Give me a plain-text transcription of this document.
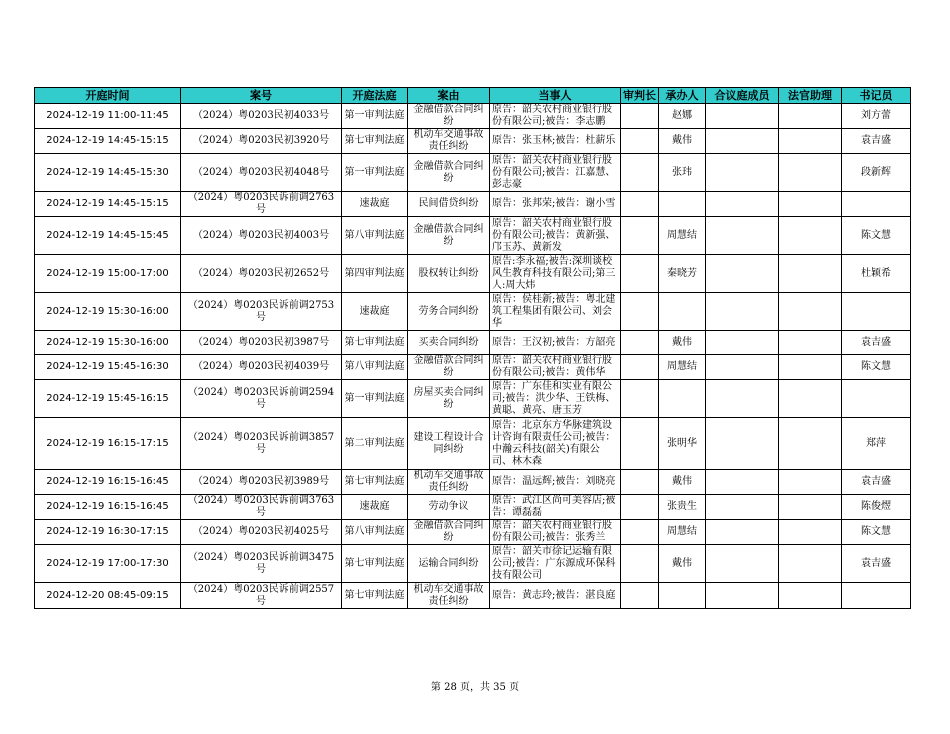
开庭时间	案号	开庭法庭	案由	当事人	审判长	承办人	合议庭成员	法官助理	书记员
2024-12-19 11:00-11:45	（2024）粤0203民初4033号	第一审判法庭	金融借款合同纠纷	原告：韶关农村商业银行股份有限公司;被告：李志鹏		赵娜			刘方蕾
2024-12-19 14:45-15:15	（2024）粤0203民初3920号	第七审判法庭	机动车交通事故责任纠纷	原告：张玉林;被告：杜薪乐		戴伟			袁吉盛
2024-12-19 14:45-15:30	（2024）粤0203民初4048号	第一审判法庭	金融借款合同纠纷	原告：韶关农村商业银行股份有限公司;被告：江嘉慧、彭志豪		张玮			段新辉
2024-12-19 14:45-15:15	（2024）粤0203民诉前调2763号	速裁庭	民间借贷纠纷	原告：张邦荣;被告：谢小雪					
2024-12-19 14:45-15:45	（2024）粤0203民初4003号	第八审判法庭	金融借款合同纠纷	原告：韶关农村商业银行股份有限公司;被告：黄新强、邝玉苏、黄新发		周慧结			陈文慧
2024-12-19 15:00-17:00	（2024）粤0203民初2652号	第四审判法庭	股权转让纠纷	原告:李永福;被告:深圳谈校风生教育科技有限公司;第三人:周大炜		秦晓芳			杜颖希
2024-12-19 15:30-16:00	（2024）粤0203民诉前调2753号	速裁庭	劳务合同纠纷	原告：侯桂新;被告：粤北建筑工程集团有限公司、刘会华					
2024-12-19 15:30-16:00	（2024）粤0203民初3987号	第七审判法庭	买卖合同纠纷	原告：王汉初;被告：方韶亮		戴伟			袁吉盛
2024-12-19 15:45-16:30	（2024）粤0203民初4039号	第八审判法庭	金融借款合同纠纷	原告：韶关农村商业银行股份有限公司;被告：黄伟华		周慧结			陈文慧
2024-12-19 15:45-16:15	（2024）粤0203民诉前调2594号	第一审判法庭	房屋买卖合同纠纷	原告：广东佳和实业有限公司;被告：洪少华、王铁梅、黄聪、黄亮、唐玉芳					
2024-12-19 16:15-17:15	（2024）粤0203民诉前调3857号	第二审判法庭	建设工程设计合同纠纷	原告：北京东方华脉建筑设计咨询有限责任公司;被告：中瀚云科技(韶关)有限公司、林木森		张明华			郑萍
2024-12-19 16:15-16:45	（2024）粤0203民初3989号	第七审判法庭	机动车交通事故责任纠纷	原告：温远辉;被告：刘晓亮		戴伟			袁吉盛
2024-12-19 16:15-16:45	（2024）粤0203民诉前调3763号	速裁庭	劳动争议	原告：武江区尚可美容店;被告：谭磊磊		张贵生			陈俊熤
2024-12-19 16:30-17:15	（2024）粤0203民初4025号	第八审判法庭	金融借款合同纠纷	原告：韶关农村商业银行股份有限公司;被告：张秀兰		周慧结			陈文慧
2024-12-19 17:00-17:30	（2024）粤0203民诉前调3475号	第七审判法庭	运输合同纠纷	原告：韶关市徐记运输有限公司;被告：广东源成环保科技有限公司		戴伟			袁吉盛
2024-12-20 08:45-09:15	（2024）粤0203民诉前调2557号	第七审判法庭	机动车交通事故责任纠纷	原告：黄志玲;被告：湛良庭					
第 28 页，共 35 页
